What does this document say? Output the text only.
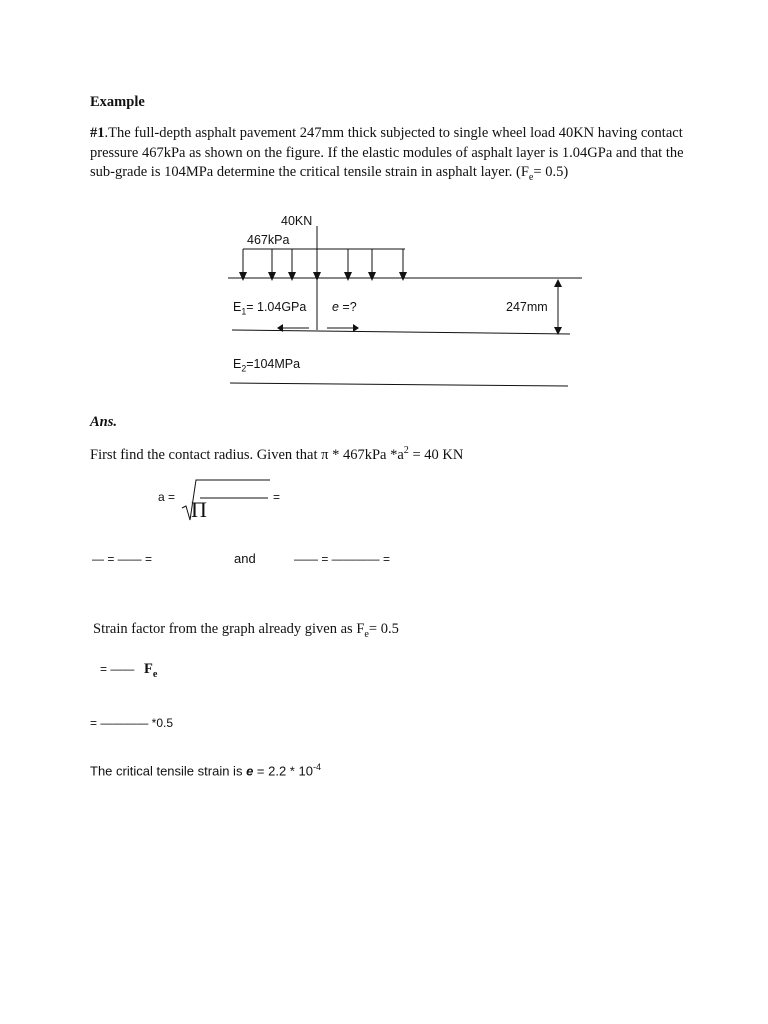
Example
#1.The full-depth asphalt pavement 247mm thick subjected to single wheel load 40KN having contact pressure 467kPa as shown on the figure. If the elastic modules of asphalt layer is 1.04GPa and that the sub-grade is 104MPa determine the critical tensile strain in asphalt layer. $(F_e= 0.5)$
40KN
467kPa
$E_1= 1.04GPa$ e =?	247mm
$E_2=104MPa$
Ans.
First find the contact radius. Given that π * 467kPa $*a^2 = 40$ KN
a = Π	=
— = —— =	and	—— = ———— =
Strain factor from the graph already given as $F_e= 0.5$
= —— $F_e$
= ———— *0.5
The critical tensile strain is $e = 2.2 * 10^{-4}$
